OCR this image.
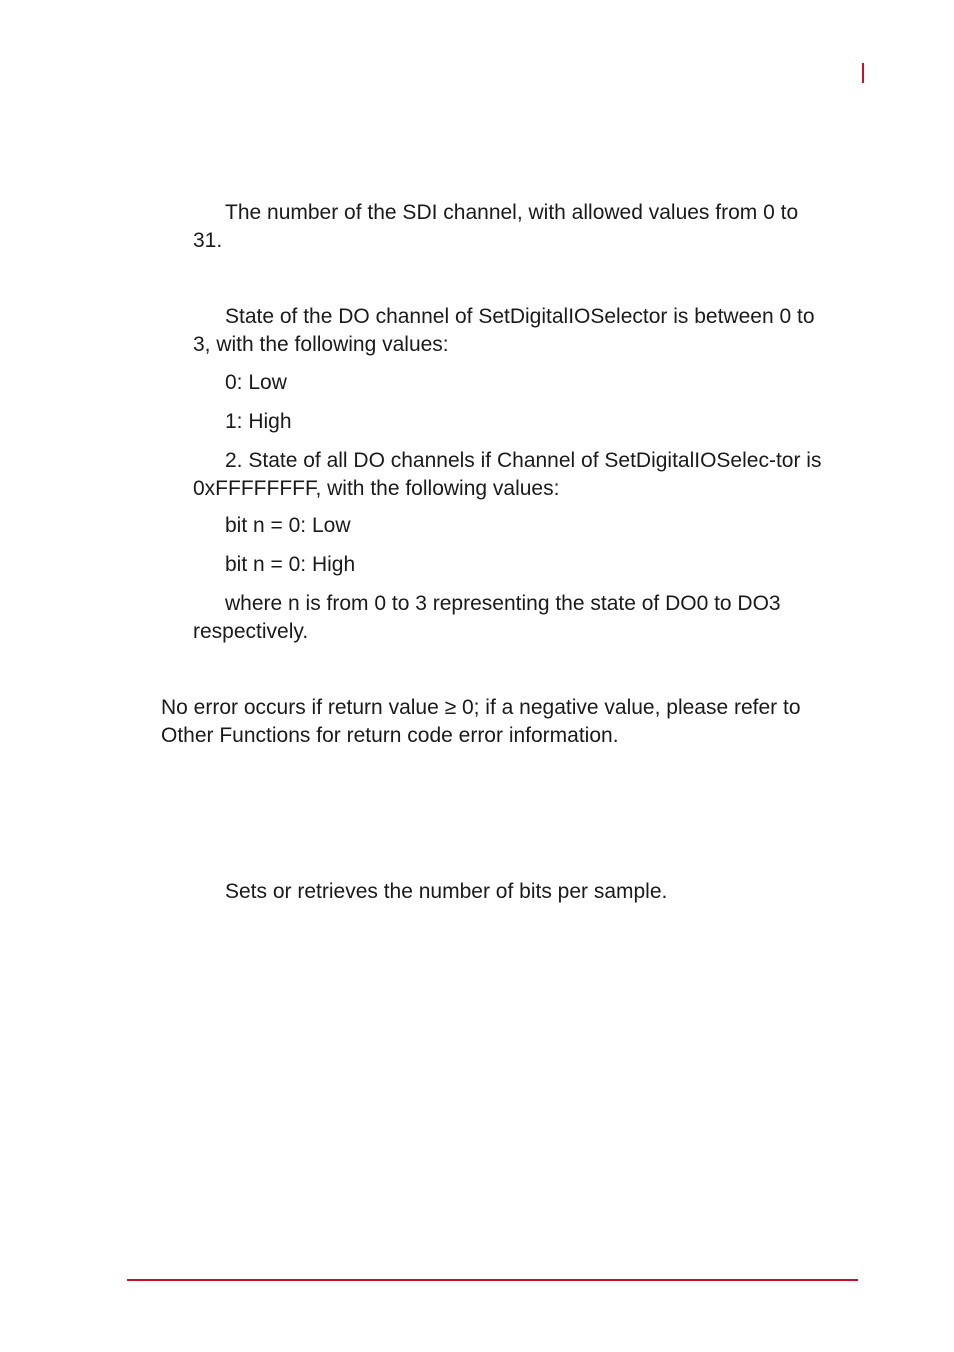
The number of the SDI channel, with allowed values from 0 to 31.

State of the DO channel of SetDigitalIOSelector is between 0 to 3, with the following values:

0: Low

1: High

2. State of all DO channels if Channel of SetDigitalIOSelec-tor is 0xFFFFFFFF, with the following values:

bit n = 0: Low

bit n = 0: High

where n is from 0 to 3 representing the state of DO0 to DO3 respectively.

No error occurs if return value ≥ 0; if a negative value, please refer to Other Functions for return code error information.

Sets or retrieves the number of bits per sample.
